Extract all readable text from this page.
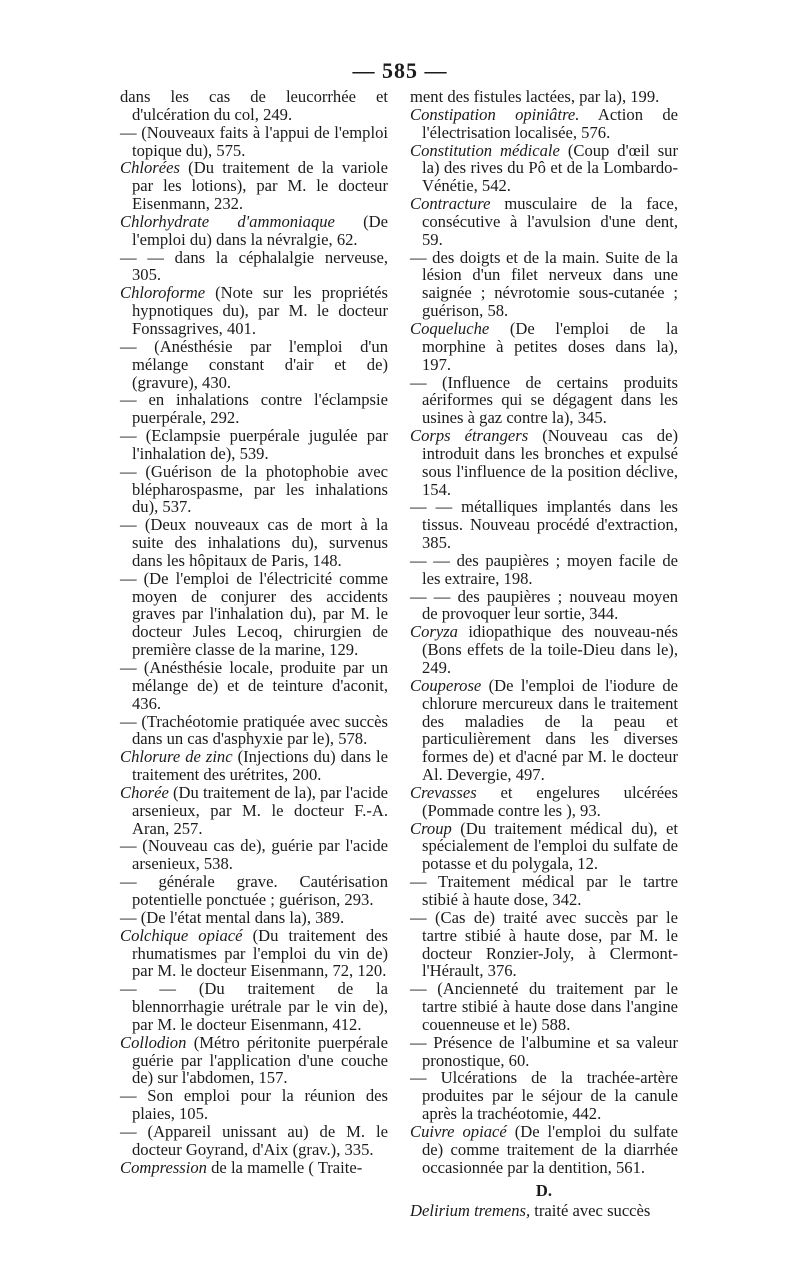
— 585 —

dans les cas de leucorrhée et d'ulcération du col, 249.

— (Nouveaux faits à l'appui de l'emploi topique du), 575.

Chlorées (Du traitement de la variole par les lotions), par M. le docteur Eisenmann, 232.

Chlorhydrate d'ammoniaque (De l'emploi du) dans la névralgie, 62.

— — dans la céphalalgie nerveuse, 305.

Chloroforme (Note sur les propriétés hypnotiques du), par M. le docteur Fonssagrives, 401.

— (Anésthésie par l'emploi d'un mélange constant d'air et de) (gravure), 430.

— en inhalations contre l'éclampsie puerpérale, 292.

— (Eclampsie puerpérale jugulée par l'inhalation de), 539.

— (Guérison de la photophobie avec blépharospasme, par les inhalations du), 537.

— (Deux nouveaux cas de mort à la suite des inhalations du), survenus dans les hôpitaux de Paris, 148.

— (De l'emploi de l'électricité comme moyen de conjurer des accidents graves par l'inhalation du), par M. le docteur Jules Lecoq, chirurgien de première classe de la marine, 129.

— (Anésthésie locale, produite par un mélange de) et de teinture d'aconit, 436.

— (Trachéotomie pratiquée avec succès dans un cas d'asphyxie par le), 578.

Chlorure de zinc (Injections du) dans le traitement des urétrites, 200.

Chorée (Du traitement de la), par l'acide arsenieux, par M. le docteur F.-A. Aran, 257.

— (Nouveau cas de), guérie par l'acide arsenieux, 538.

— générale grave. Cautérisation potentielle ponctuée ; guérison, 293.

— (De l'état mental dans la), 389.

Colchique opiacé (Du traitement des rhumatismes par l'emploi du vin de) par M. le docteur Eisenmann, 72, 120.

— — (Du traitement de la blennorrhagie urétrale par le vin de), par M. le docteur Eisenmann, 412.

Collodion (Métro péritonite puerpérale guérie par l'application d'une couche de) sur l'abdomen, 157.

— Son emploi pour la réunion des plaies, 105.

— (Appareil unissant au) de M. le docteur Goyrand, d'Aix (grav.), 335.

Compression de la mamelle ( Traite-

ment des fistules lactées, par la), 199.

Constipation opiniâtre. Action de l'électrisation localisée, 576.

Constitution médicale (Coup d'œil sur la) des rives du Pô et de la Lombardo-Vénétie, 542.

Contracture musculaire de la face, consécutive à l'avulsion d'une dent, 59.

— des doigts et de la main. Suite de la lésion d'un filet nerveux dans une saignée ; névrotomie sous-cutanée ; guérison, 58.

Coqueluche (De l'emploi de la morphine à petites doses dans la), 197.

— (Influence de certains produits aériformes qui se dégagent dans les usines à gaz contre la), 345.

Corps étrangers (Nouveau cas de) introduit dans les bronches et expulsé sous l'influence de la position déclive, 154.

— — métalliques implantés dans les tissus. Nouveau procédé d'extraction, 385.

— — des paupières ; moyen facile de les extraire, 198.

— — des paupières ; nouveau moyen de provoquer leur sortie, 344.

Coryza idiopathique des nouveau-nés (Bons effets de la toile-Dieu dans le), 249.

Couperose (De l'emploi de l'iodure de chlorure mercureux dans le traitement des maladies de la peau et particulièrement dans les diverses formes de) et d'acné par M. le docteur Al. Devergie, 497.

Crevasses et engelures ulcérées (Pommade contre les ), 93.

Croup (Du traitement médical du), et spécialement de l'emploi du sulfate de potasse et du polygala, 12.

— Traitement médical par le tartre stibié à haute dose, 342.

— (Cas de) traité avec succès par le tartre stibié à haute dose, par M. le docteur Ronzier-Joly, à Clermont-l'Hérault, 376.

— (Ancienneté du traitement par le tartre stibié à haute dose dans l'angine couenneuse et le) 588.

— Présence de l'albumine et sa valeur pronostique, 60.

— Ulcérations de la trachée-artère produites par le séjour de la canule après la trachéotomie, 442.

Cuivre opiacé (De l'emploi du sulfate de) comme traitement de la diarrhée occasionnée par la dentition, 561.

D.

Delirium tremens, traité avec succès
